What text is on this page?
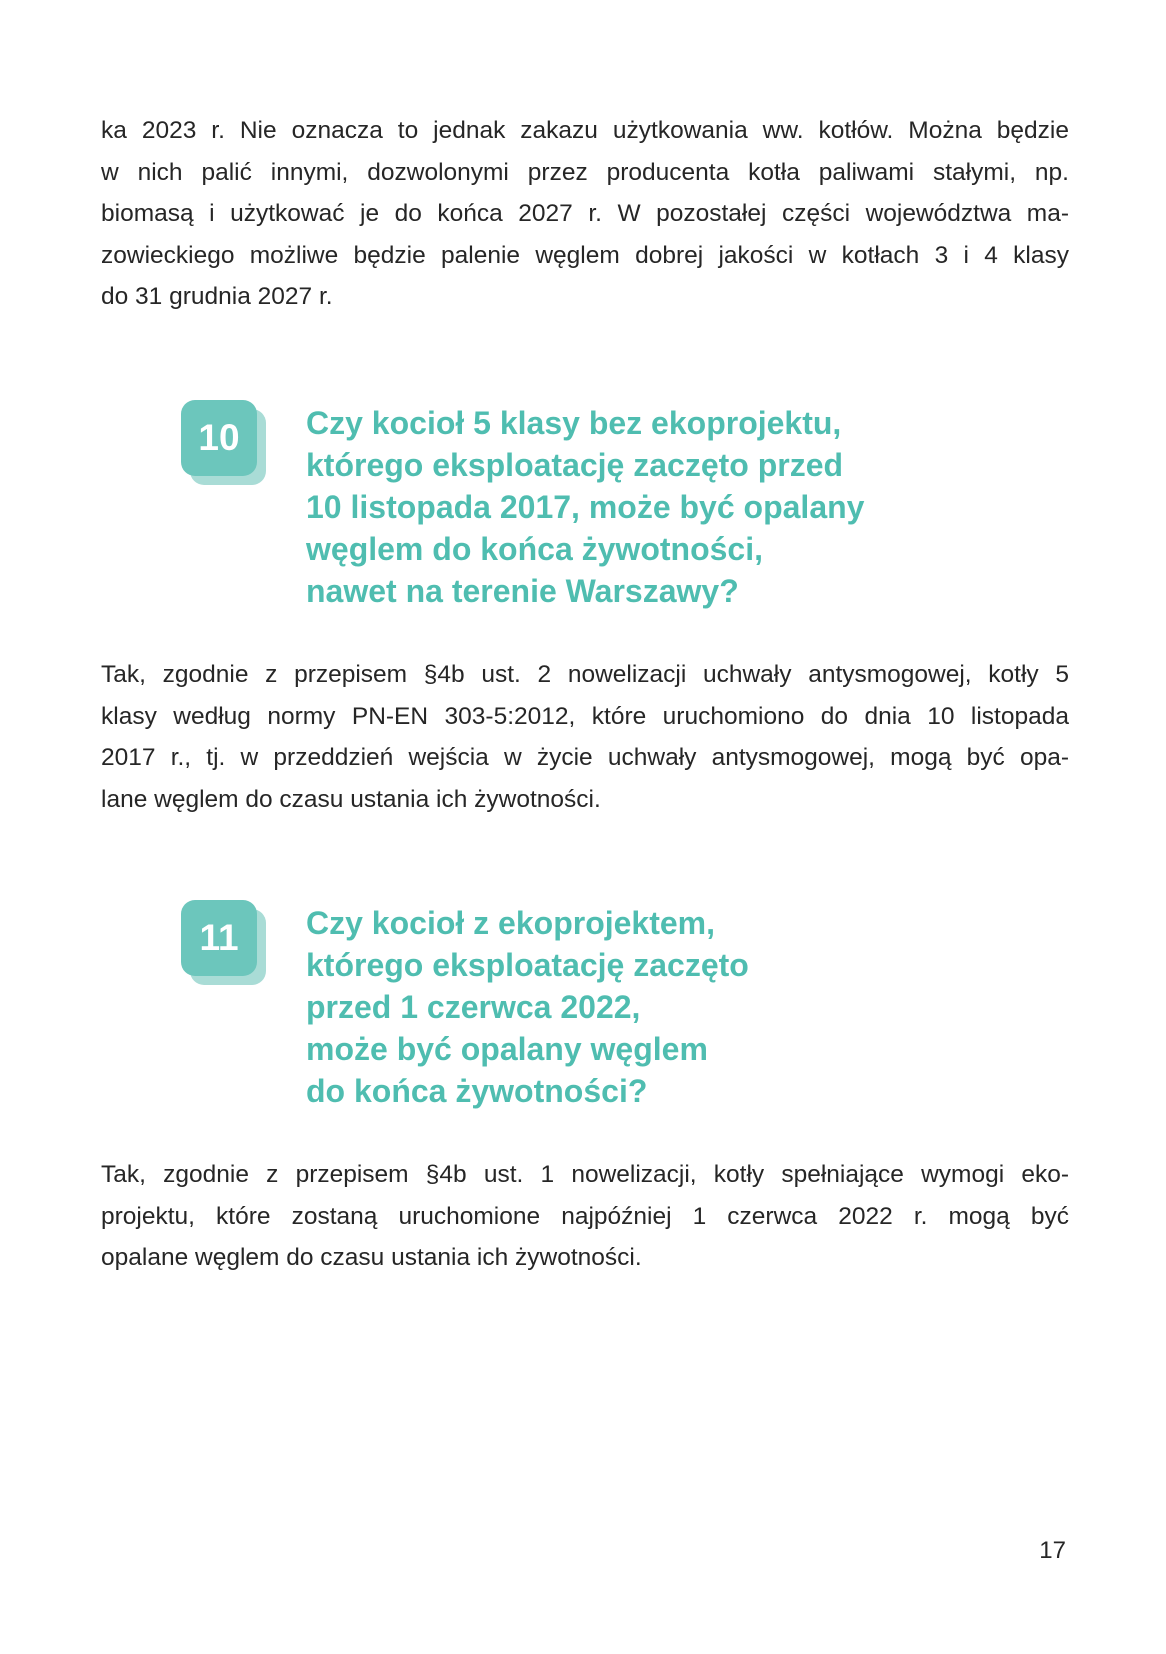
ka 2023 r. Nie oznacza to jednak zakazu użytkowania ww. kotłów. Można będzie
w nich palić innymi, dozwolonymi przez producenta kotła paliwami stałymi, np.
biomasą i użytkować je do końca 2027 r. W pozostałej części województwa ma-
zowieckiego możliwe będzie palenie węglem dobrej jakości w kotłach 3 i 4 klasy
do 31 grudnia 2027 r.

10	Czy kocioł 5 klasy bez ekoprojektu,
którego eksploatację zaczęto przed
10 listopada 2017, może być opalany
węglem do końca żywotności,
nawet na terenie Warszawy?

Tak, zgodnie z przepisem §4b ust. 2 nowelizacji uchwały antysmogowej, kotły 5
klasy według normy PN-EN 303-5:2012, które uruchomiono do dnia 10 listopada
2017 r., tj. w przeddzień wejścia w życie uchwały antysmogowej, mogą być opa-
lane węglem do czasu ustania ich żywotności.

11	Czy kocioł z ekoprojektem,
którego eksploatację zaczęto
przed 1 czerwca 2022,
może być opalany węglem
do końca żywotności?

Tak, zgodnie z przepisem §4b ust. 1 nowelizacji, kotły spełniające wymogi eko-
projektu, które zostaną uruchomione najpóźniej 1 czerwca 2022 r. mogą być
opalane węglem do czasu ustania ich żywotności.

17
